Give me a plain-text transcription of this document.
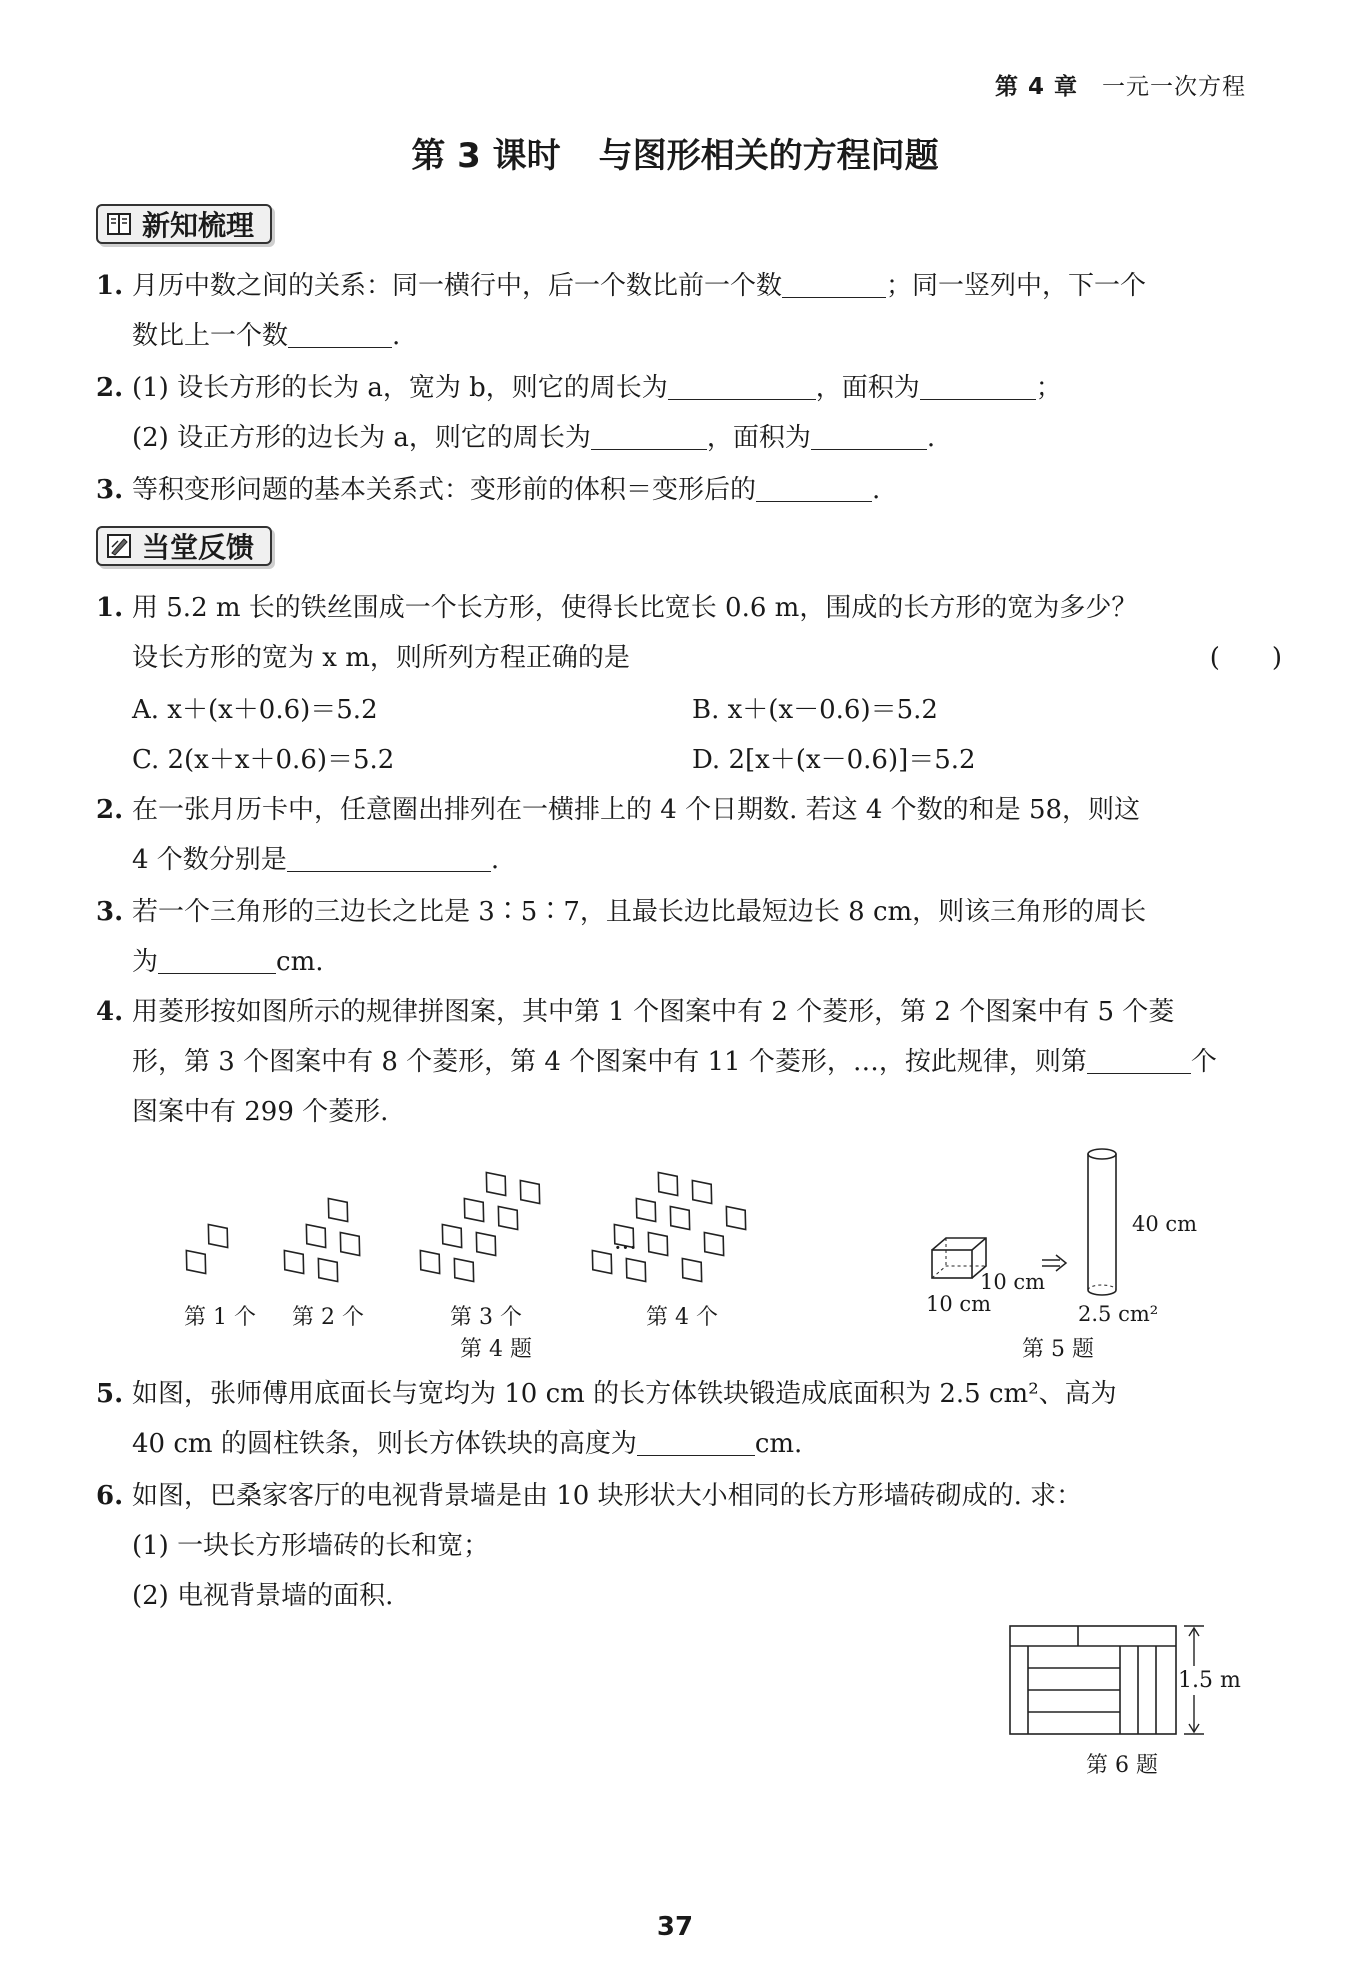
第 4 章 一元一次方程
第 3 课时 与图形相关的方程问题
新知梳理
1. 月历中数之间的关系：同一横行中，后一个数比前一个数	；同一竖列中，下一个
数比上一个数	.
2. (1) 设长方形的长为 a，宽为 b，则它的周长为	，面积为	；
(2) 设正方形的边长为 a，则它的周长为	，面积为	.
3. 等积变形问题的基本关系式：变形前的体积＝变形后的	.
当堂反馈
1. 用 5.2 m 长的铁丝围成一个长方形，使得长比宽长 0.6 m，围成的长方形的宽为多少？
设长方形的宽为 x m，则所列方程正确的是	(　　)
A. x＋(x＋0.6)＝5.2	B. x＋(x－0.6)＝5.2
C. 2(x＋x＋0.6)＝5.2	D. 2[x＋(x－0.6)]＝5.2
2. 在一张月历卡中，任意圈出排列在一横排上的 4 个日期数. 若这 4 个数的和是 58，则这
4 个数分别是	.
3. 若一个三角形的三边长之比是 3∶5∶7，且最长边比最短边长 8 cm，则该三角形的周长
为	cm.
4. 用菱形按如图所示的规律拼图案，其中第 1 个图案中有 2 个菱形，第 2 个图案中有 5 个菱
形，第 3 个图案中有 8 个菱形，第 4 个图案中有 11 个菱形，…，按此规律，则第	个
图案中有 299 个菱形.
···
第 1 个 第 2 个	第 3 个	第 4 个
第 4 题
40 cm
10 cm
10 cm	2.5 cm²
第 5 题
5. 如图，张师傅用底面长与宽均为 10 cm 的长方体铁块锻造成底面积为 2.5 cm²、高为
40 cm 的圆柱铁条，则长方体铁块的高度为	cm.
6. 如图，巴桑家客厅的电视背景墙是由 10 块形状大小相同的长方形墙砖砌成的. 求：
(1) 一块长方形墙砖的长和宽；
(2) 电视背景墙的面积.
1.5 m
第 6 题
37
